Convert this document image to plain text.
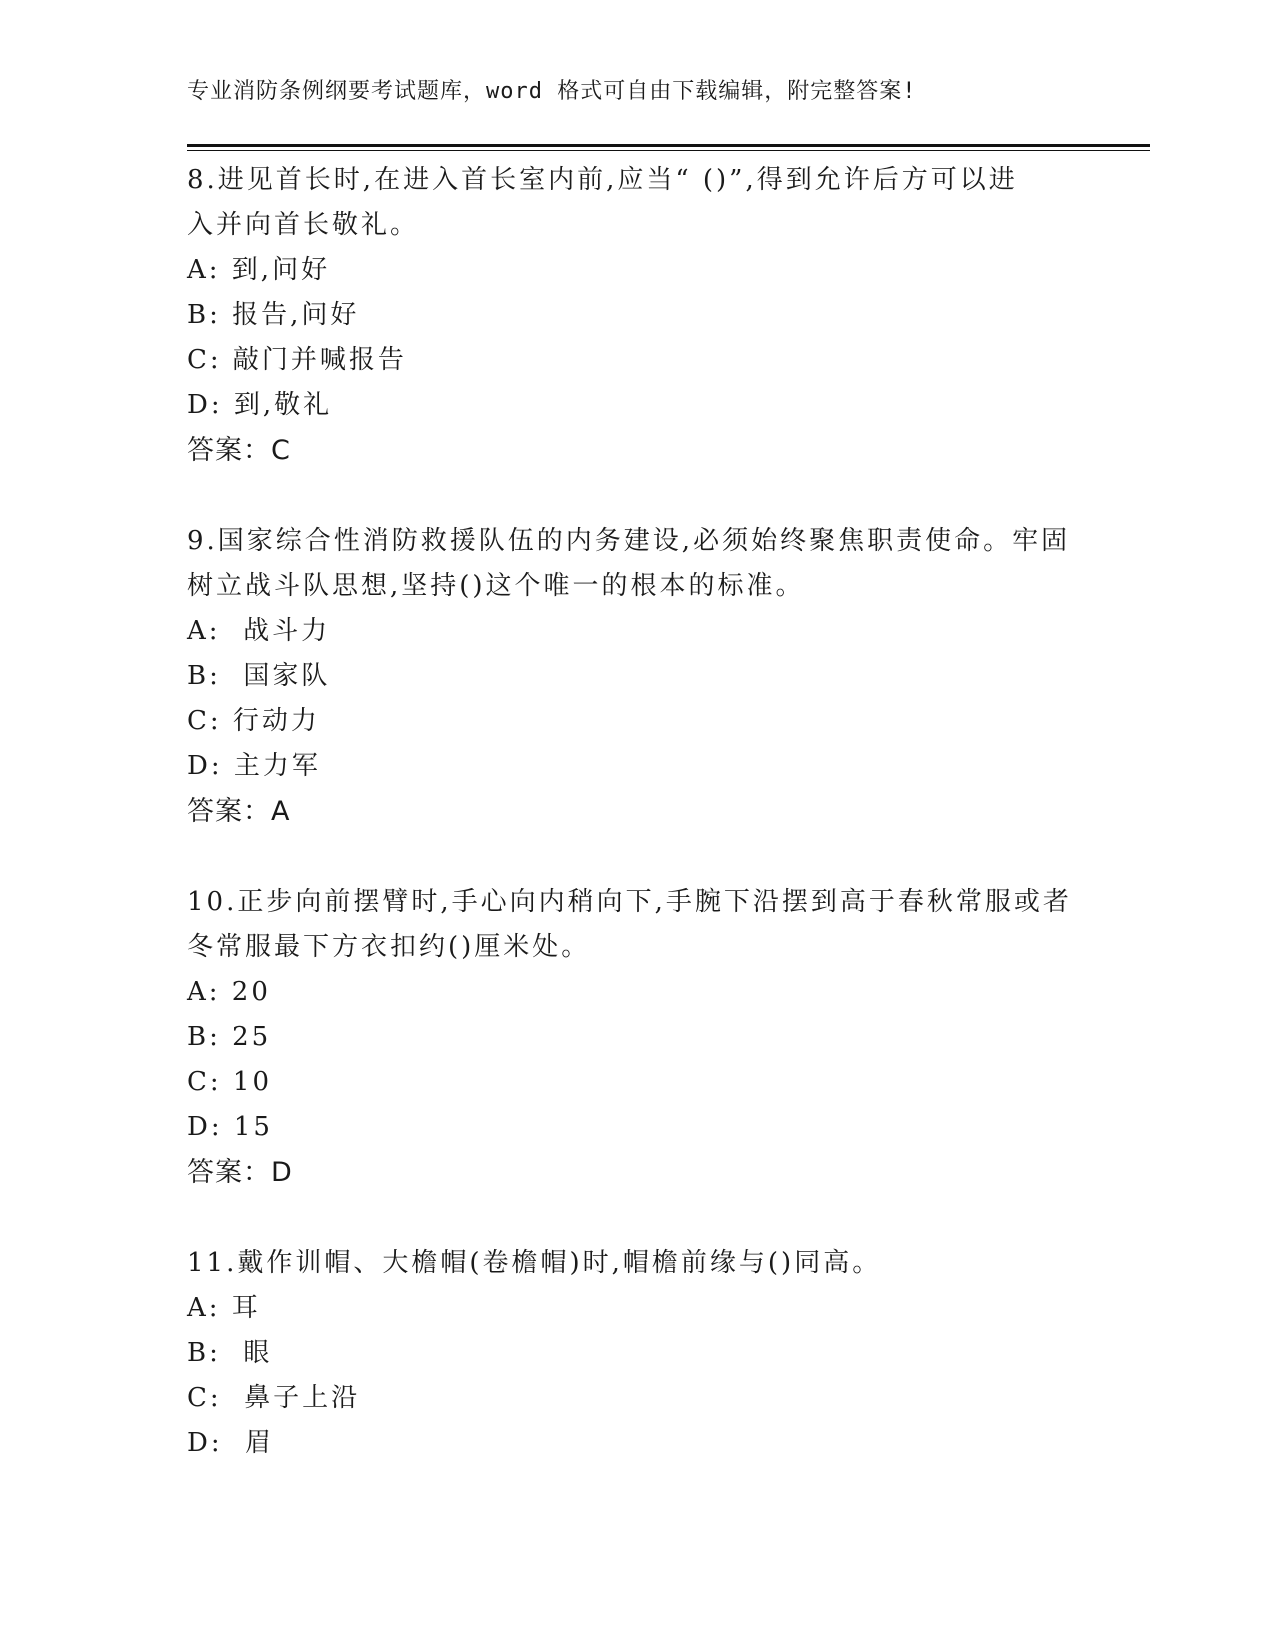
专业消防条例纲要考试题库，word 格式可自由下载编辑，附完整答案!

8.进见首长时,在进入首长室内前,应当“ ()”,得到允许后方可以进

入并向首长敬礼。

A: 到,问好

B: 报告,问好

C: 敲门并喊报告

D: 到,敬礼

答案：C

9.国家综合性消防救援队伍的内务建设,必须始终聚焦职责使命。牢固

树立战斗队思想,坚持()这个唯一的根本的标准。

A:  战斗力

B:  国家队

C: 行动力

D: 主力军

答案：A

10.正步向前摆臂时,手心向内稍向下,手腕下沿摆到高于春秋常服或者

冬常服最下方衣扣约()厘米处。

A: 20

B: 25

C: 10

D: 15

答案：D

11.戴作训帽、大檐帽(卷檐帽)时,帽檐前缘与()同高。

A: 耳

B:  眼

C:  鼻子上沿

D:  眉
